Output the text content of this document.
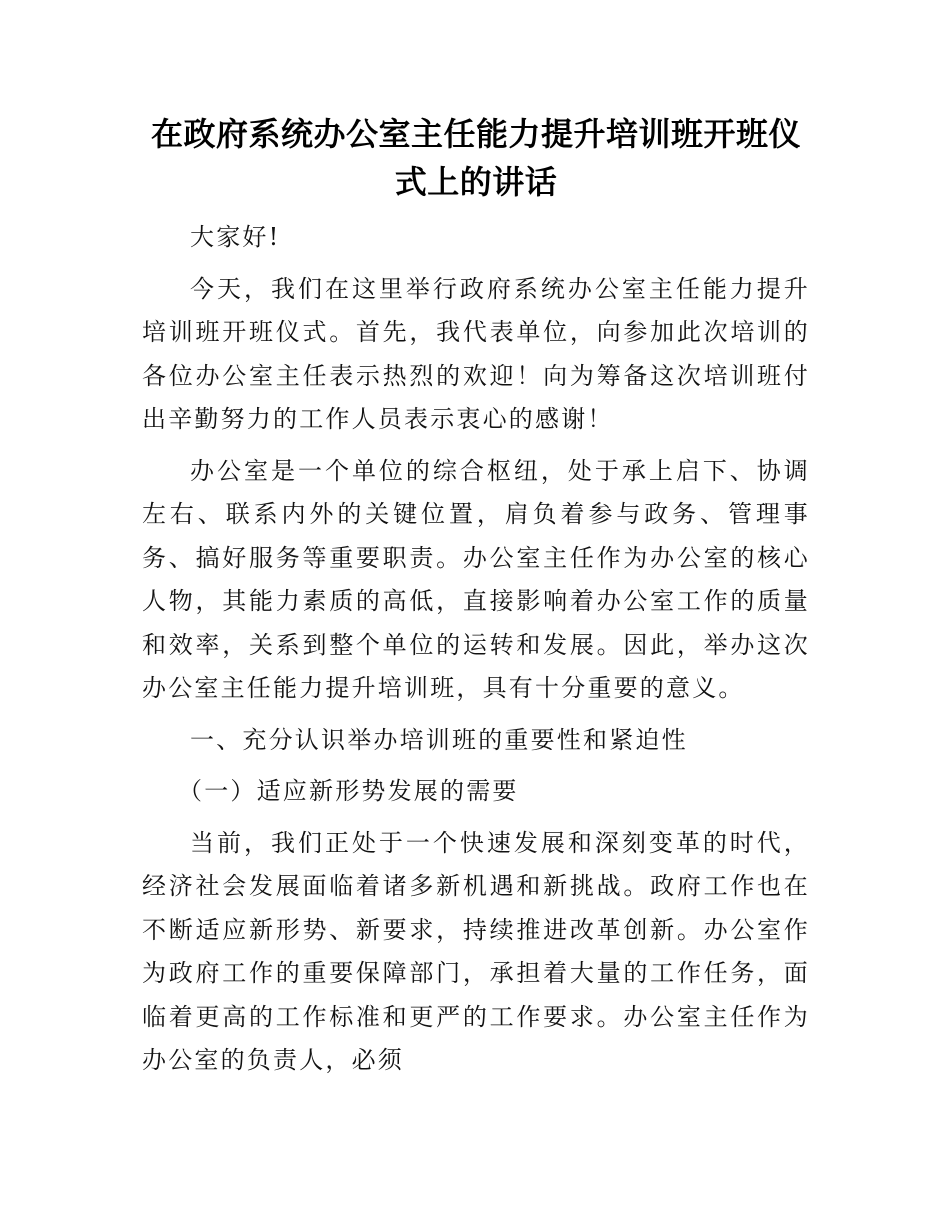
在政府系统办公室主任能力提升培训班开班仪
式上的讲话

大家好!

今天，我们在这里举行政府系统办公室主任能力提升培训班开班仪式。首先，我代表单位，向参加此次培训的各位办公室主任表示热烈的欢迎！向为筹备这次培训班付出辛勤努力的工作人员表示衷心的感谢！

办公室是一个单位的综合枢纽，处于承上启下、协调左右、联系内外的关键位置，肩负着参与政务、管理事务、搞好服务等重要职责。办公室主任作为办公室的核心人物，其能力素质的高低，直接影响着办公室工作的质量和效率，关系到整个单位的运转和发展。因此，举办这次办公室主任能力提升培训班，具有十分重要的意义。

一、充分认识举办培训班的重要性和紧迫性

（一）适应新形势发展的需要

当前，我们正处于一个快速发展和深刻变革的时代，经济社会发展面临着诸多新机遇和新挑战。政府工作也在不断适应新形势、新要求，持续推进改革创新。办公室作为政府工作的重要保障部门，承担着大量的工作任务，面临着更高的工作标准和更严的工作要求。办公室主任作为办公室的负责人，必须
